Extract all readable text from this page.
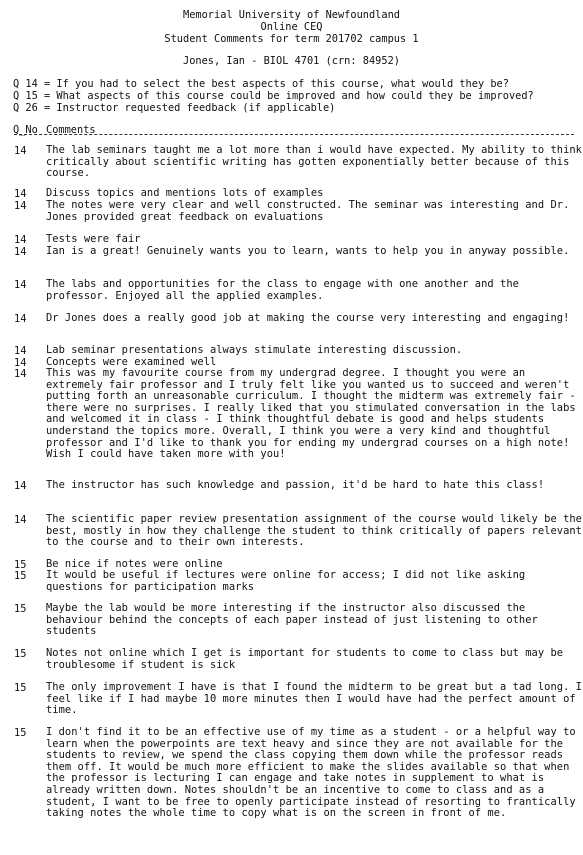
Memorial University of Newfoundland
Online CEQ
Student Comments for term 201702 campus 1
Jones, Ian - BIOL 4701 (crn: 84952)
Q 14 = If you had to select the best aspects of this course, what would they be?
Q 15 = What aspects of this course could be improved and how could they be improved?
Q 26 = Instructor requested feedback (if applicable)
Q_No Comments
14 The lab seminars taught me a lot more than i would have expected. My ability to think critically about scientific writing has gotten exponentially better because of this course.
14 Discuss topics and mentions lots of examples
14 The notes were very clear and well constructed. The seminar was interesting and Dr. Jones provided great feedback on evaluations
14 Tests were fair
14 Ian is a great! Genuinely wants you to learn, wants to help you in anyway possible.
14 The labs and opportunities for the class to engage with one another and the professor. Enjoyed all the applied examples.
14 Dr Jones does a really good job at making the course very interesting and engaging!
14 Lab seminar presentations always stimulate interesting discussion.
14 Concepts were examined well
14 This was my favourite course from my undergrad degree. I thought you were an extremely fair professor and I truly felt like you wanted us to succeed and weren't putting forth an unreasonable curriculum. I thought the midterm was extremely fair - there were no surprises. I really liked that you stimulated conversation in the labs and welcomed it in class - I think thoughtful debate is good and helps students understand the topics more. Overall, I think you were a very kind and thoughtful professor and I'd like to thank you for ending my undergrad courses on a high note! Wish I could have taken more with you!
14 The instructor has such knowledge and passion, it'd be hard to hate this class!
14 The scientific paper review presentation assignment of the course would likely be the best, mostly in how they challenge the student to think critically of papers relevant to the course and to their own interests.
15 Be nice if notes were online
15 It would be useful if lectures were online for access; I did not like asking questions for participation marks
15 Maybe the lab would be more interesting if the instructor also discussed the behaviour behind the concepts of each paper instead of just listening to other students
15 Notes not online which I get is important for students to come to class but may be troublesome if student is sick
15 The only improvement I have is that I found the midterm to be great but a tad long. I feel like if I had maybe 10 more minutes then I would have had the perfect amount of time.
15 I don't find it to be an effective use of my time as a student - or a helpful way to learn when the powerpoints are text heavy and since they are not available for the students to review, we spend the class copying them down while the professor reads them off. It would be much more efficient to make the slides available so that when the professor is lecturing I can engage and take notes in supplement to what is already written down. Notes shouldn't be an incentive to come to class and as a student, I want to be free to openly participate instead of resorting to frantically taking notes the whole time to copy what is on the screen in front of me.
